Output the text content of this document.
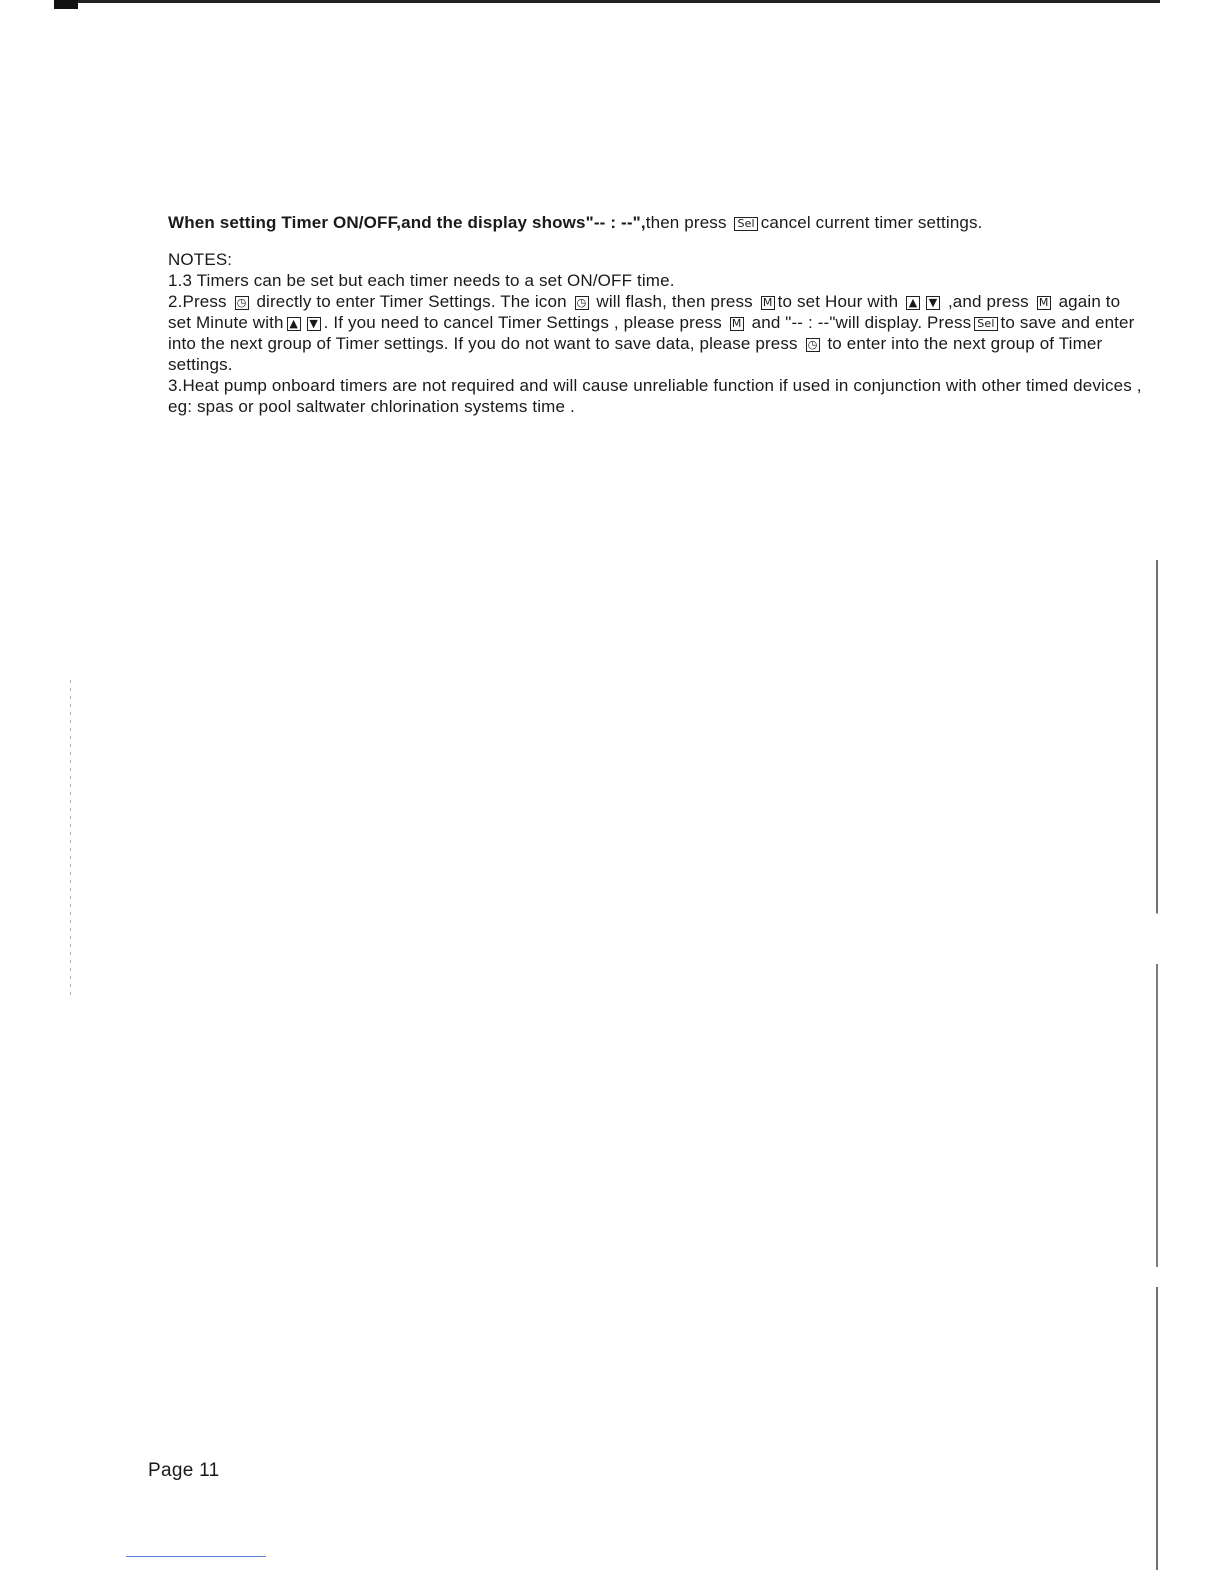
When setting Timer ON/OFF,and the display shows"-- : --",then press Sel cancel current timer settings.

NOTES:

1.3 Timers can be set but each timer needs to a set ON/OFF time.

2.Press ◷ directly to enter Timer Settings. The icon ◷ will flash, then press M to set Hour with ▲ ▼ ,and press M again to set Minute with ▲ ▼ . If you need to cancel Timer Settings , please press M and "-- : --"will display. Press Sel to save and enter into the next group of Timer settings. If you do not want to save data, please press ◷ to enter into the next group of Timer settings.

3.Heat pump onboard timers are not required and will cause unreliable function if used in conjunction with other timed devices , eg: spas or pool saltwater chlorination systems time .

Page 11
